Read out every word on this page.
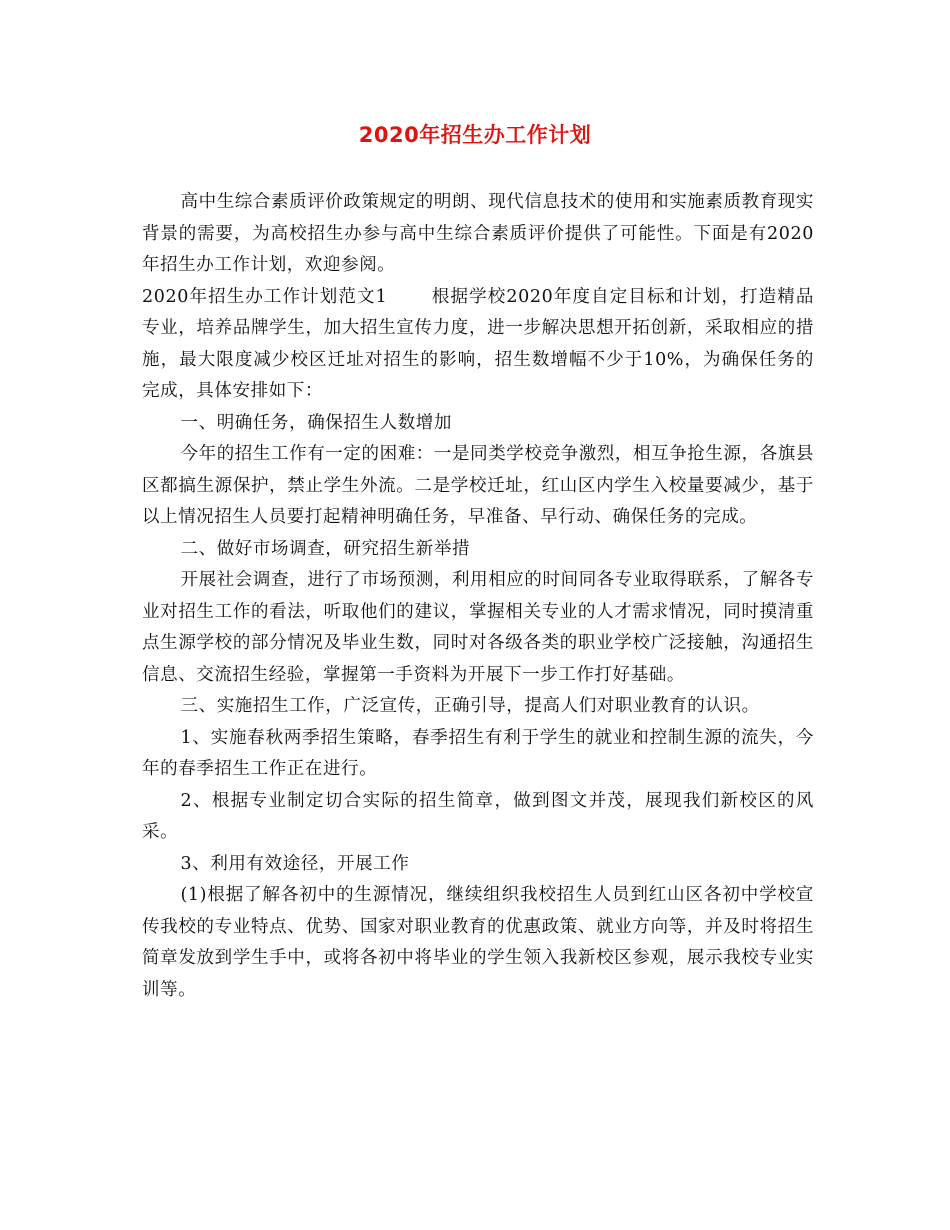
2020年招生办工作计划

高中生综合素质评价政策规定的明朗、现代信息技术的使用和实施素质教育现实背景的需要，为高校招生办参与高中生综合素质评价提供了可能性。下面是有2020年招生办工作计划，欢迎参阅。

2020年招生办工作计划范文1	根据学校2020年度自定目标和计划，打造精品专业，培养品牌学生，加大招生宣传力度，进一步解决思想开拓创新，采取相应的措施，最大限度减少校区迁址对招生的影响，招生数增幅不少于10%，为确保任务的完成，具体安排如下：

一、明确任务，确保招生人数增加

今年的招生工作有一定的困难：一是同类学校竞争激烈，相互争抢生源，各旗县区都搞生源保护，禁止学生外流。二是学校迁址，红山区内学生入校量要减少，基于以上情况招生人员要打起精神明确任务，早准备、早行动、确保任务的完成。

二、做好市场调查，研究招生新举措

开展社会调查，进行了市场预测，利用相应的时间同各专业取得联系，了解各专业对招生工作的看法，听取他们的建议，掌握相关专业的人才需求情况，同时摸清重点生源学校的部分情况及毕业生数，同时对各级各类的职业学校广泛接触，沟通招生信息、交流招生经验，掌握第一手资料为开展下一步工作打好基础。

三、实施招生工作，广泛宣传，正确引导，提高人们对职业教育的认识。

1、实施春秋两季招生策略，春季招生有利于学生的就业和控制生源的流失，今年的春季招生工作正在进行。

2、根据专业制定切合实际的招生简章，做到图文并茂，展现我们新校区的风采。

3、利用有效途径，开展工作

(1)根据了解各初中的生源情况，继续组织我校招生人员到红山区各初中学校宣传我校的专业特点、优势、国家对职业教育的优惠政策、就业方向等，并及时将招生简章发放到学生手中，或将各初中将毕业的学生领入我新校区参观，展示我校专业实训等。
